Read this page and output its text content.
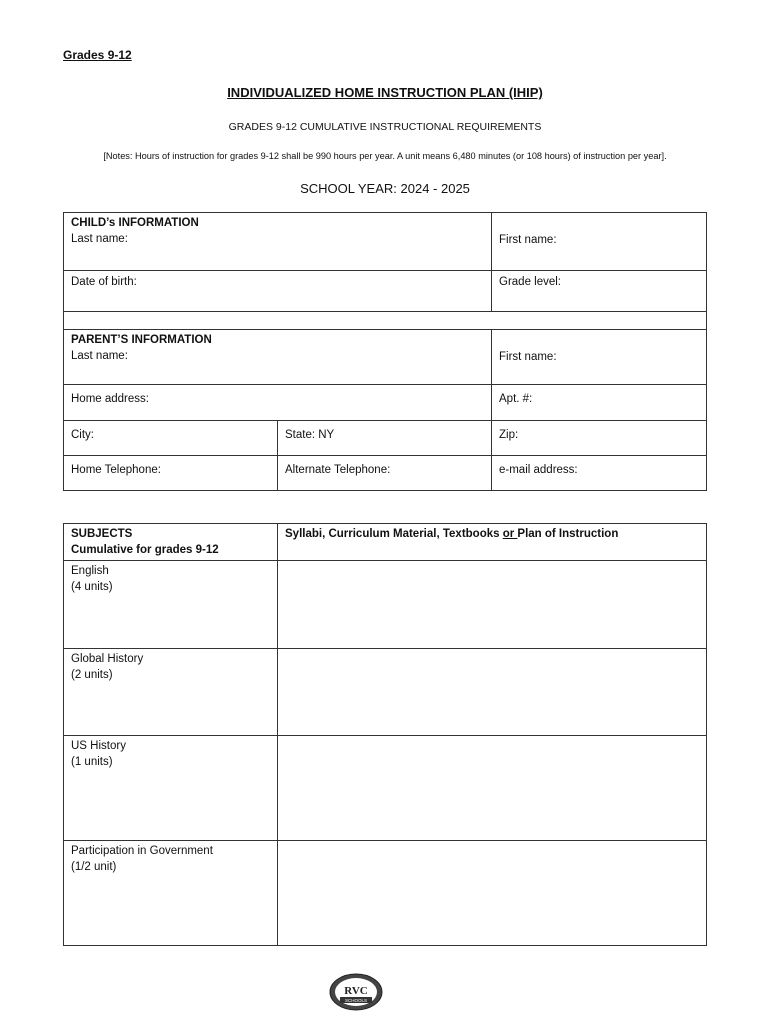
Grades 9-12
INDIVIDUALIZED HOME INSTRUCTION PLAN (IHIP)
GRADES 9-12 CUMULATIVE INSTRUCTIONAL REQUIREMENTS
[Notes: Hours of instruction for grades 9-12 shall be 990 hours per year. A unit means 6,480 minutes (or 108 hours) of instruction per year].
SCHOOL YEAR: 2024 - 2025
CHILD’s INFORMATION
Last name:		First name:
Date of birth:		Grade level:

PARENT’S INFORMATION
Last name:		First name:
Home address:		Apt. #:
City:	State: NY	Zip:
Home Telephone:	Alternate Telephone:	e-mail address:
SUBJECTS
Cumulative for grades 9-12	Syllabi, Curriculum Material, Textbooks or Plan of Instruction

English
(4 units)	

Global History
(2 units)	

US History
(1 units)	

Participation in Government
(1/2 unit)	

RVC
SCHOOLS
